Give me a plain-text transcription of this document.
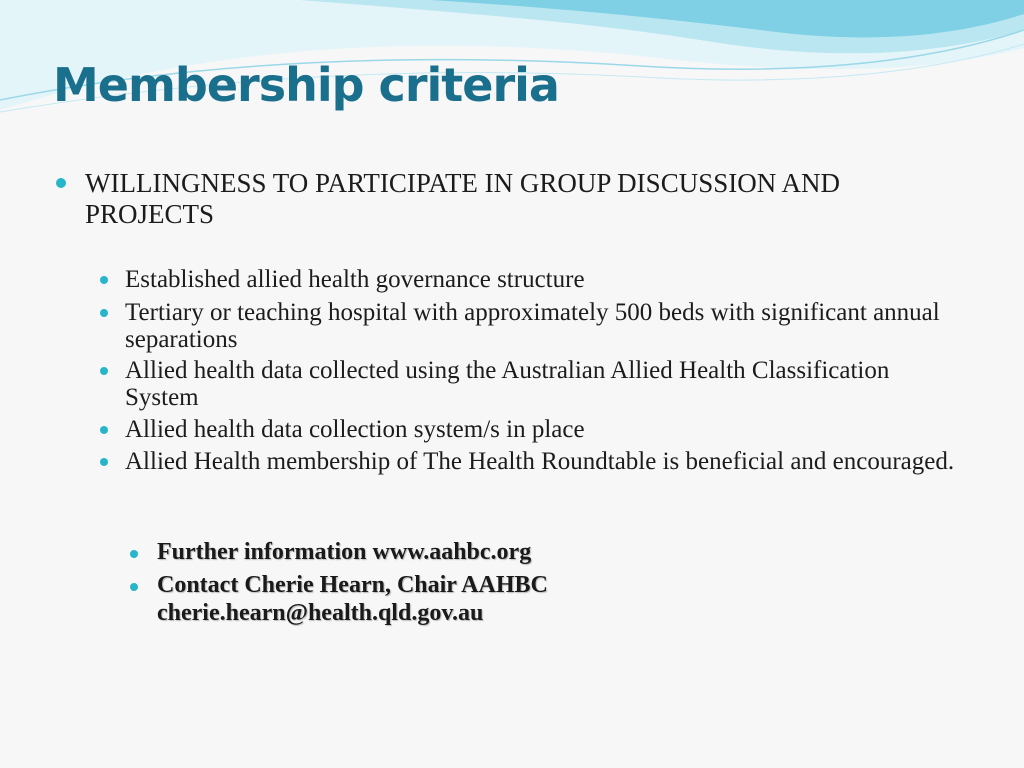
Membership criteria
WILLINGNESS TO PARTICIPATE IN GROUP DISCUSSION AND PROJECTS
Established allied health governance structure
Tertiary or teaching hospital with approximately 500 beds with significant annual separations
Allied health data collected using the Australian Allied Health Classification System
Allied health data collection system/s in place
Allied Health membership of The Health Roundtable is beneficial and encouraged.
Further information www.aahbc.org
Contact Cherie Hearn, Chair AAHBC cherie.hearn@health.qld.gov.au
